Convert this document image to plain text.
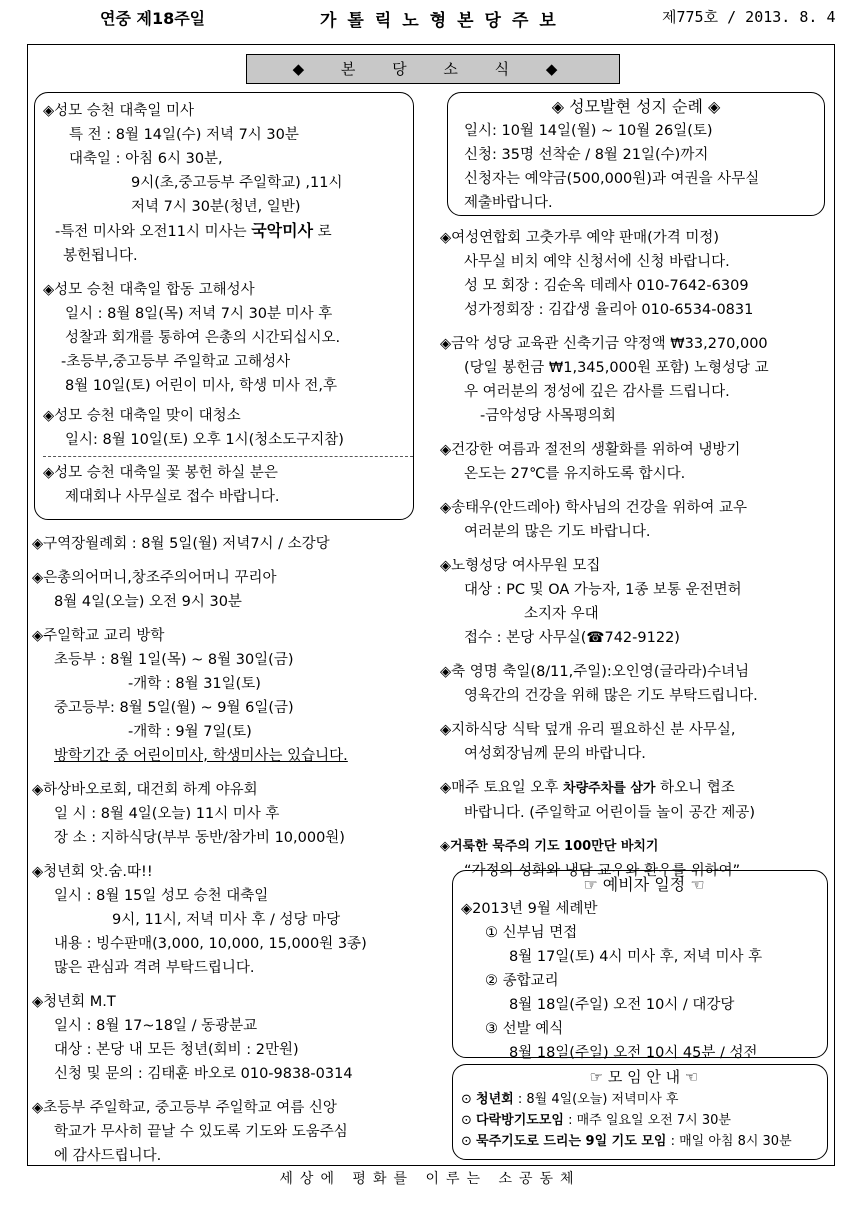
연중 제18주일	가톨릭노형본당주보	제775호 / 2013. 8. 4
◆ 본 당 소 식 ◆

◈ 성모 승천 대축일 미사

특 전 : 8월 14일(수) 저녁 7시 30분

대축일 : 아침 6시 30분,

9시(초,중고등부 주일학교) ,11시

저녁 7시 30분(청년, 일반)

-특전 미사와 오전11시 미사는 국악미사 로

봉헌됩니다.

◈ 성모 승천 대축일 합동 고해성사

일시 : 8월 8일(목) 저녁 7시 30분 미사 후

성찰과 회개를 통하여 은총의 시간되십시오.

-초등부,중고등부 주일학교 고해성사

8월 10일(토) 어린이 미사, 학생 미사 전,후

◈ 성모 승천 대축일 맞이 대청소

일시: 8월 10일(토) 오후 1시(청소도구지참)

◈ 성모 승천 대축일 꽃 봉헌 하실 분은

제대회나 사무실로 접수 바랍니다.

◈ 구역장월례회 : 8월 5일(월) 저녁7시 / 소강당

◈ 은총의어머니,창조주의어머니 꾸리아

8월 4일(오늘) 오전 9시 30분

◈ 주일학교 교리 방학

초등부 : 8월 1일(목) ~ 8월 30일(금)

-개학 : 8월 31일(토)

중고등부: 8월 5일(월) ~ 9월 6일(금)

-개학 : 9월 7일(토)

방학기간 중 어린이미사, 학생미사는 있습니다.

◈ 하상바오로회, 대건회 하계 야유회

일 시 : 8월 4일(오늘) 11시 미사 후

장 소 : 지하식당(부부 동반/참가비 10,000원)

◈ 청년회 앗.숨.따!!

일시 : 8월 15일 성모 승천 대축일

9시, 11시, 저녁 미사 후 / 성당 마당

내용 : 빙수판매(3,000, 10,000, 15,000원 3종)

많은 관심과 격려 부탁드립니다.

◈ 청년회 M.T

일시 : 8월 17~18일 / 동광분교

대상 : 본당 내 모든 청년(회비 : 2만원)

신청 및 문의 : 김태훈 바오로 010-9838-0314

◈ 초등부 주일학교, 중고등부 주일학교 여름 신앙

학교가 무사히 끝날 수 있도록 기도와 도움주심

에 감사드립니다.

◈ 성모발현 성지 순례 ◈

일시: 10월 14일(월) ~ 10월 26일(토)

신청: 35명 선착순 / 8월 21일(수)까지

신청자는 예약금(500,000원)과 여권을 사무실

제출바랍니다.

◈ 여성연합회 고춧가루 예약 판매(가격 미정)

사무실 비치 예약 신청서에 신청 바랍니다.

성 모 회장 : 김순옥 데레사 010-7642-6309

성가정회장 : 김갑생 율리아 010-6534-0831

◈ 금악 성당 교육관 신축기금 약정액 ₩33,270,000

(당일 봉헌금 ₩1,345,000원 포함) 노형성당 교

우 여러분의 정성에 깊은 감사를 드립니다.

-금악성당 사목평의회

◈ 건강한 여름과 절전의 생활화를 위하여 냉방기

온도는 27℃를 유지하도록 합시다.

◈ 송태우(안드레아) 학사님의 건강을 위하여 교우

여러분의 많은 기도 바랍니다.

◈ 노형성당 여사무원 모집

대상 : PC 및 OA 가능자, 1종 보통 운전면허

소지자 우대

접수 : 본당 사무실(☎742-9122)

◈ 축 영명 축일(8/11,주일):오인영(글라라)수녀님

영육간의 건강을 위해 많은 기도 부탁드립니다.

◈ 지하식당 식탁 덮개 유리 필요하신 분 사무실,

여성회장님께 문의 바랍니다.

◈ 매주 토요일 오후 차량주차를 삼가 하오니 협조

바랍니다. (주일학교 어린이들 놀이 공간 제공)

◈ 거룩한 묵주의 기도 100만단 바치기

“가정의 성화와 냉담 교우와 환우를 위하여”

☞ 예비자 일정 ☜

◈ 2013년 9월 세례반

① 신부님 면접

8월 17일(토) 4시 미사 후, 저녁 미사 후

② 종합교리

8월 18일(주일) 오전 10시 / 대강당

③ 선발 예식

8월 18일(주일) 오전 10시 45분 / 성전

☞ 모 임 안 내 ☜

⊙ 청년회 : 8월 4일(오늘) 저녁미사 후

⊙ 다락방기도모임 : 매주 일요일 오전 7시 30분

⊙ 묵주기도로 드리는 9일 기도 모임 : 매일 아침 8시 30분

세상에 평화를 이루는 소공동체
